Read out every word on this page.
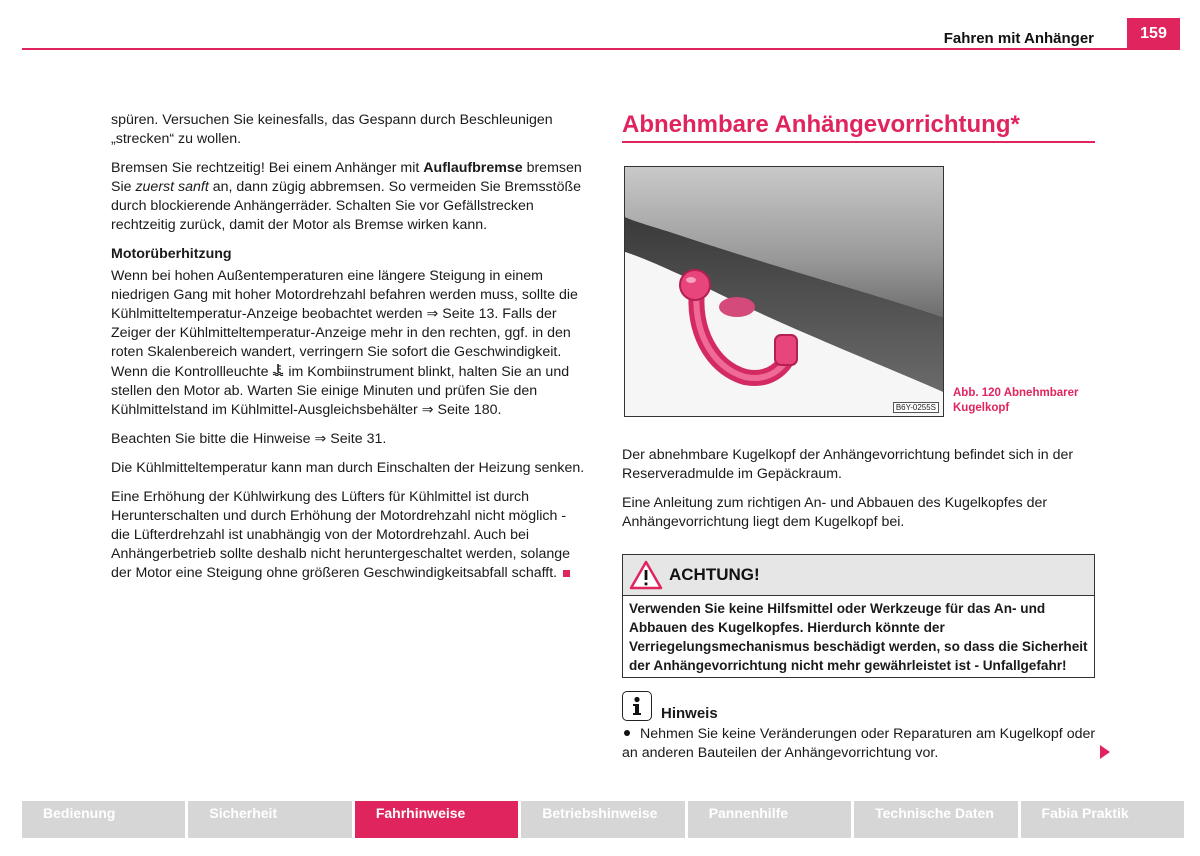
Fahren mit Anhänger	159

spüren. Versuchen Sie keinesfalls, das Gespann durch Beschleunigen „strecken“ zu wollen.

Bremsen Sie rechtzeitig! Bei einem Anhänger mit Auflaufbremse bremsen Sie zuerst sanft an, dann zügig abbremsen. So vermeiden Sie Bremsstöße durch blockierende Anhängerräder. Schalten Sie vor Gefällstrecken rechtzeitig zurück, damit der Motor als Bremse wirken kann.

Motorüberhitzung

Wenn bei hohen Außentemperaturen eine längere Steigung in einem niedrigen Gang mit hoher Motordrehzahl befahren werden muss, sollte die Kühlmitteltemperatur-Anzeige beobachtet werden ⇒ Seite 13. Falls der Zeiger der Kühlmitteltemperatur-Anzeige mehr in den rechten, ggf. in den roten Skalenbereich wandert, verringern Sie sofort die Geschwindigkeit. Wenn die Kontrollleuchte  im Kombiinstrument blinkt, halten Sie an und stellen den Motor ab. Warten Sie einige Minuten und prüfen Sie den Kühlmittelstand im Kühlmittel-Ausgleichsbehälter ⇒ Seite 180.

Beachten Sie bitte die Hinweise ⇒ Seite 31.

Die Kühlmitteltemperatur kann man durch Einschalten der Heizung senken.

Eine Erhöhung der Kühlwirkung des Lüfters für Kühlmittel ist durch Herunterschalten und durch Erhöhung der Motordrehzahl nicht möglich - die Lüfterdrehzahl ist unabhängig von der Motordrehzahl. Auch bei Anhängerbetrieb sollte deshalb nicht heruntergeschaltet werden, solange der Motor eine Steigung ohne größeren Geschwindigkeitsabfall schafft.

Abnehmbare Anhängevorrichtung*
B6Y-0255S
Abb. 120 Abnehmbarer Kugelkopf

Der abnehmbare Kugelkopf der Anhängevorrichtung befindet sich in der Reserveradmulde im Gepäckraum.

Eine Anleitung zum richtigen An- und Abbauen des Kugelkopfes der Anhängevorrichtung liegt dem Kugelkopf bei.

ACHTUNG!
Verwenden Sie keine Hilfsmittel oder Werkzeuge für das An- und Abbauen des Kugelkopfes. Hierdurch könnte der Verriegelungsmechanismus beschädigt werden, so dass die Sicherheit der Anhängevorrichtung nicht mehr gewährleistet ist - Unfallgefahr!
Hinweis
Nehmen Sie keine Veränderungen oder Reparaturen am Kugelkopf oder an anderen Bauteilen der Anhängevorrichtung vor.
Bedienung	Sicherheit	Fahrhinweise	Betriebshinweise	Pannenhilfe	Technische Daten	Fabia Praktik
